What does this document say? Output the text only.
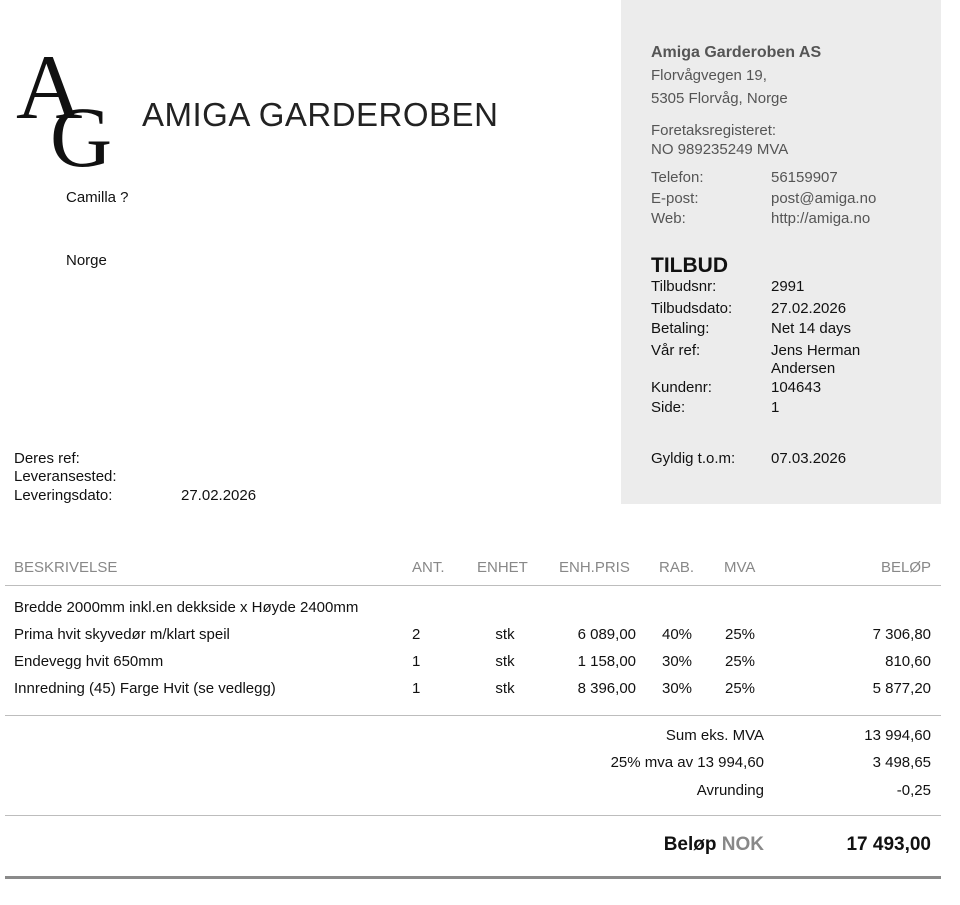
A
G AMIGA GARDEROBEN
Camilla ?
Norge
Amiga Garderoben AS
Florvågvegen 19,
5305 Florvåg, Norge
Foretaksregisteret:
NO 989235249 MVA
Telefon:	56159907
E-post:	post@amiga.no
Web:	http://amiga.no
TILBUD
Tilbudsnr:	2991
Tilbudsdato:	27.02.2026
Betaling:	Net 14 days
Vår ref:	Jens Herman Andersen
Kundenr:	104643
Side:	1
Gyldig t.o.m: 07.03.2026
Deres ref:
Leveransested:
Leveringsdato:	27.02.2026
BESKRIVELSE	ANT. ENHET ENH.PRIS RAB. MVA	BELØP
Bredde 2000mm inkl.en dekkside x Høyde 2400mm
Prima hvit skyvedør m/klart speil	2	stk	6 089,00 40% 25%	7 306,80
Endevegg hvit 650mm	1	stk	1 158,00 30% 25%	810,60
Innredning (45) Farge Hvit (se vedlegg)	1	stk	8 396,00 30% 25%	5 877,20
Sum eks. MVA	13 994,60
25% mva av 13 994,60	3 498,65
Avrunding	-0,25
Beløp NOK	17 493,00
